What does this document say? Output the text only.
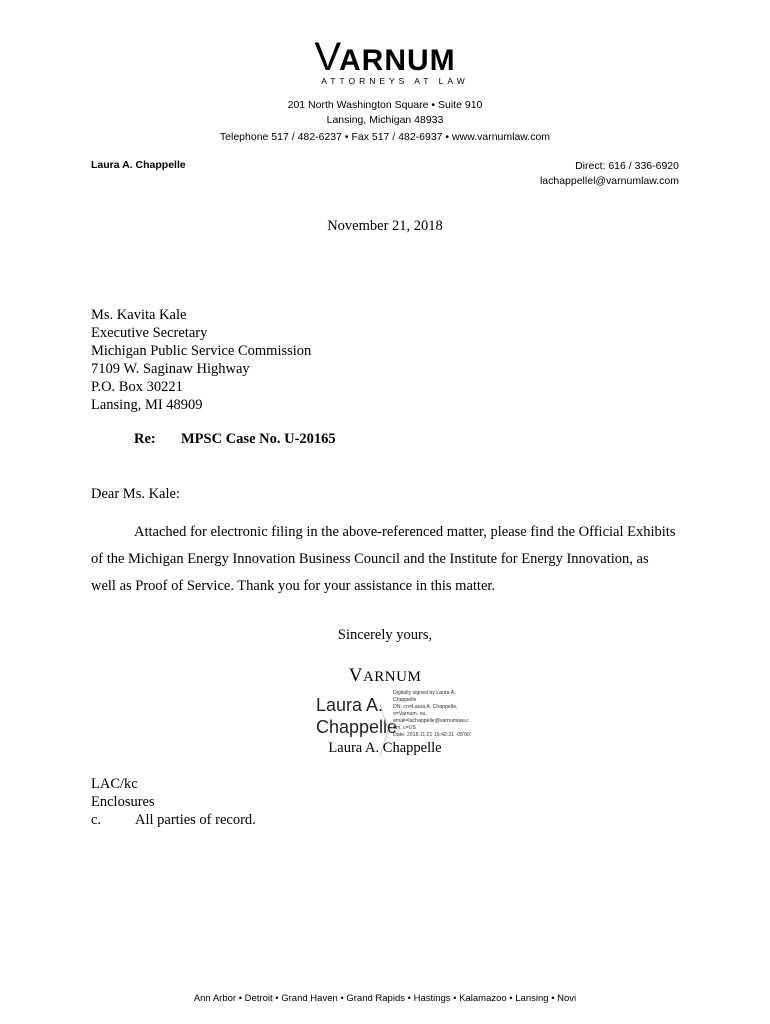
VARNUM
ATTORNEYS AT LAW
201 North Washington Square • Suite 910
Lansing, Michigan 48933
Telephone 517 / 482-6237 • Fax 517 / 482-6937 • www.varnumlaw.com
Laura A. Chappelle	Direct: 616 / 336-6920
lachappellel@varnumlaw.com
November 21, 2018
Ms. Kavita Kale
Executive Secretary
Michigan Public Service Commission
7109 W. Saginaw Highway
P.O. Box 30221
Lansing, MI 48909
Re: MPSC Case No. U-20165
Dear Ms. Kale:
Attached for electronic filing in the above-referenced matter, please find the Official Exhibits
of the Michigan Energy Innovation Business Council and the Institute for Energy Innovation, as
well as Proof of Service. Thank you for your assistance in this matter.
Sincerely yours,
VARNUM
Laura A.
Chappelle
Digitally signed by Laura A.
Chappelle
DN: cn=Laura A. Chappelle,
o=Varnum, ou,
email=lachappelle@varnumlaw.c
om, c=US
Date: 2018.11.21 15:42:31 -05'00'
Laura A. Chappelle
LAC/kc
Enclosures
c. All parties of record.
Ann Arbor • Detroit • Grand Haven • Grand Rapids • Hastings • Kalamazoo • Lansing • Novi
